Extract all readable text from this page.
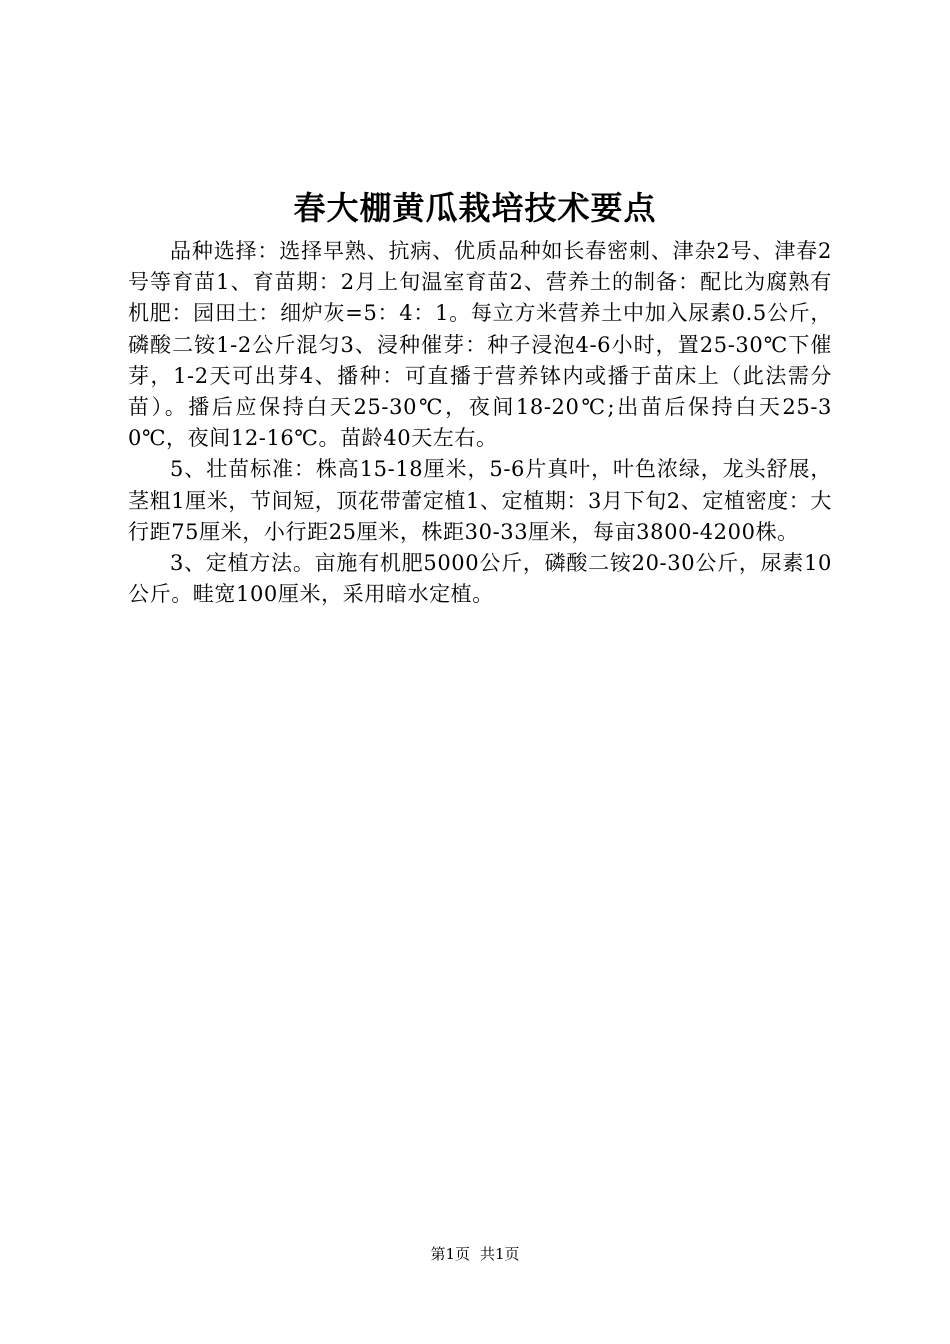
春大棚黄瓜栽培技术要点

品种选择：选择早熟、抗病、优质品种如长春密刺、津杂2号、津春2号等育苗1、育苗期：2月上旬温室育苗2、营养土的制备：配比为腐熟有机肥：园田土：细炉灰=5：4：1。每立方米营养土中加入尿素0.5公斤，磷酸二铵1-2公斤混匀3、浸种催芽：种子浸泡4-6小时，置25-30℃下催芽，1-2天可出芽4、播种：可直播于营养钵内或播于苗床上（此法需分苗）。播后应保持白天25-30℃，夜间18-20℃;出苗后保持白天25-30℃，夜间12-16℃。苗龄40天左右。

5、壮苗标准：株高15-18厘米，5-6片真叶，叶色浓绿，龙头舒展，茎粗1厘米，节间短，顶花带蕾定植1、定植期：3月下旬2、定植密度：大行距75厘米，小行距25厘米，株距30-33厘米，每亩3800-4200株。

3、定植方法。亩施有机肥5000公斤，磷酸二铵20-30公斤，尿素10公斤。畦宽100厘米，采用暗水定植。

第1页 共1页
